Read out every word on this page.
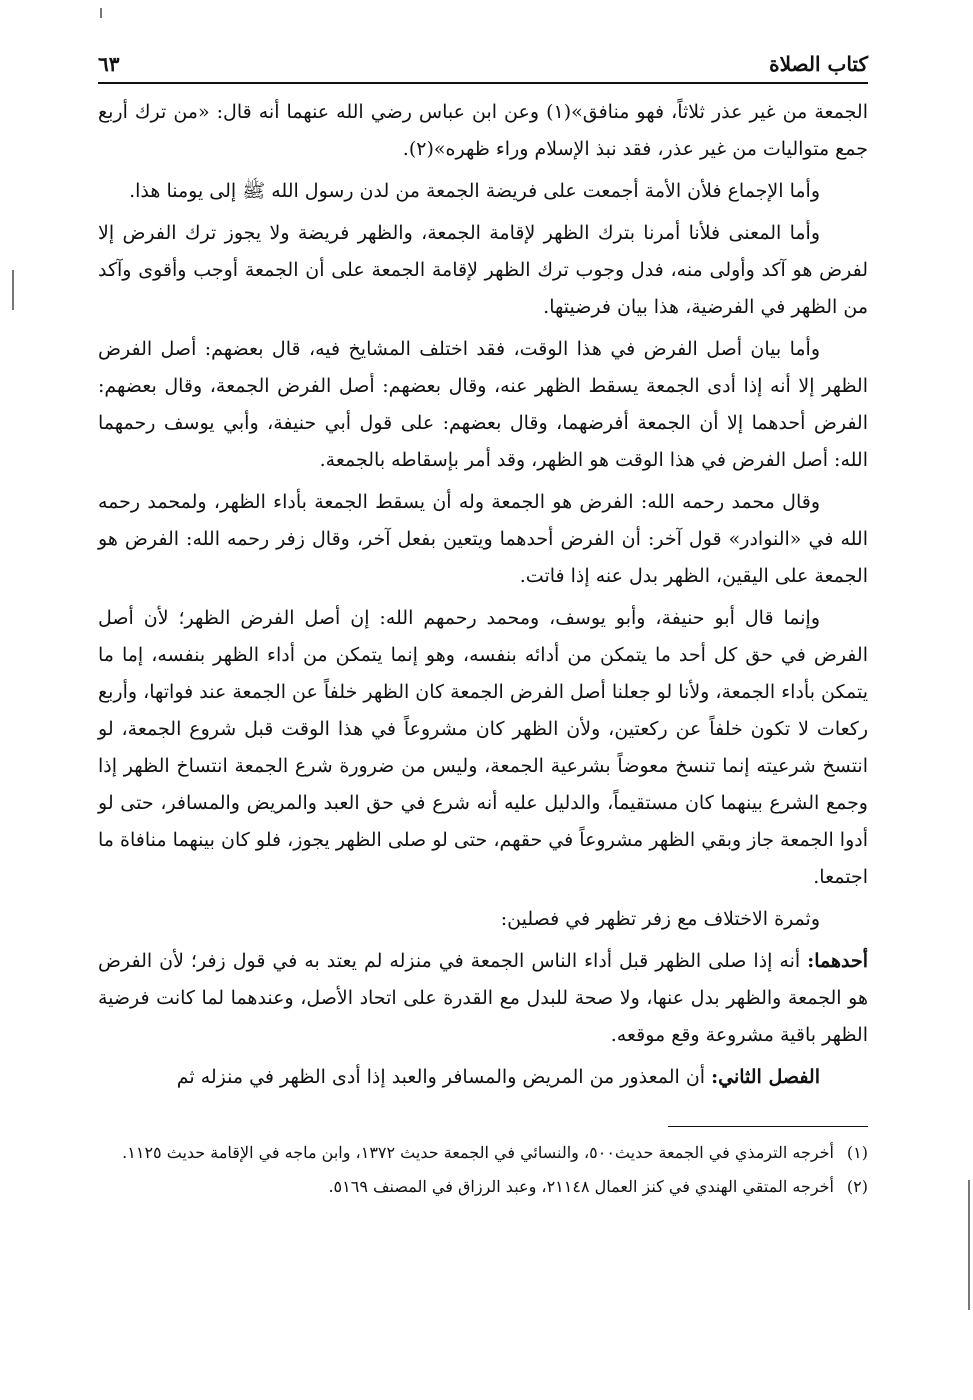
كتاب الصلاة
٦٣

الجمعة من غير عذر ثلاثاً، فهو منافق»(١) وعن ابن عباس رضي الله عنهما أنه قال: «من ترك أربع جمع متواليات من غير عذر، فقد نبذ الإسلام وراء ظهره»(٢).

وأما الإجماع فلأن الأمة أجمعت على فريضة الجمعة من لدن رسول الله ﷺ إلى يومنا هذا.

وأما المعنى فلأنا أمرنا بترك الظهر لإقامة الجمعة، والظهر فريضة ولا يجوز ترك الفرض إلا لفرض هو آكد وأولى منه، فدل وجوب ترك الظهر لإقامة الجمعة على أن الجمعة أوجب وأقوى وآكد من الظهر في الفرضية، هذا بيان فرضيتها.

وأما بيان أصل الفرض في هذا الوقت، فقد اختلف المشايخ فيه، قال بعضهم: أصل الفرض الظهر إلا أنه إذا أدى الجمعة يسقط الظهر عنه، وقال بعضهم: أصل الفرض الجمعة، وقال بعضهم: الفرض أحدهما إلا أن الجمعة أفرضهما، وقال بعضهم: على قول أبي حنيفة، وأبي يوسف رحمهما الله: أصل الفرض في هذا الوقت هو الظهر، وقد أمر بإسقاطه بالجمعة.

وقال محمد رحمه الله: الفرض هو الجمعة وله أن يسقط الجمعة بأداء الظهر، ولمحمد رحمه الله في «النوادر» قول آخر: أن الفرض أحدهما ويتعين بفعل آخر، وقال زفر رحمه الله: الفرض هو الجمعة على اليقين، الظهر بدل عنه إذا فاتت.

وإنما قال أبو حنيفة، وأبو يوسف، ومحمد رحمهم الله: إن أصل الفرض الظهر؛ لأن أصل الفرض في حق كل أحد ما يتمكن من أدائه بنفسه، وهو إنما يتمكن من أداء الظهر بنفسه، إما ما يتمكن بأداء الجمعة، ولأنا لو جعلنا أصل الفرض الجمعة كان الظهر خلفاً عن الجمعة عند فواتها، وأربع ركعات لا تكون خلفاً عن ركعتين، ولأن الظهر كان مشروعاً في هذا الوقت قبل شروع الجمعة، لو انتسخ شرعيته إنما تنسخ معوضاً بشرعية الجمعة، وليس من ضرورة شرع الجمعة انتساخ الظهر إذا وجمع الشرع بينهما كان مستقيماً، والدليل عليه أنه شرع في حق العبد والمريض والمسافر، حتى لو أدوا الجمعة جاز وبقي الظهر مشروعاً في حقهم، حتى لو صلى الظهر يجوز، فلو كان بينهما منافاة ما اجتمعا.

وثمرة الاختلاف مع زفر تظهر في فصلين:

أحدهما: أنه إذا صلى الظهر قبل أداء الناس الجمعة في منزله لم يعتد به في قول زفر؛ لأن الفرض هو الجمعة والظهر بدل عنها، ولا صحة للبدل مع القدرة على اتحاد الأصل، وعندهما لما كانت فرضية الظهر باقية مشروعة وقع موقعه.

الفصل الثاني: أن المعذور من المريض والمسافر والعبد إذا أدى الظهر في منزله ثم

(١)أخرجه الترمذي في الجمعة حديث٥٠٠، والنسائي في الجمعة حديث ١٣٧٢، وابن ماجه في الإقامة حديث ١١٢٥.

(٢)أخرجه المتقي الهندي في كنز العمال ٢١١٤٨، وعبد الرزاق في المصنف ٥١٦٩.
